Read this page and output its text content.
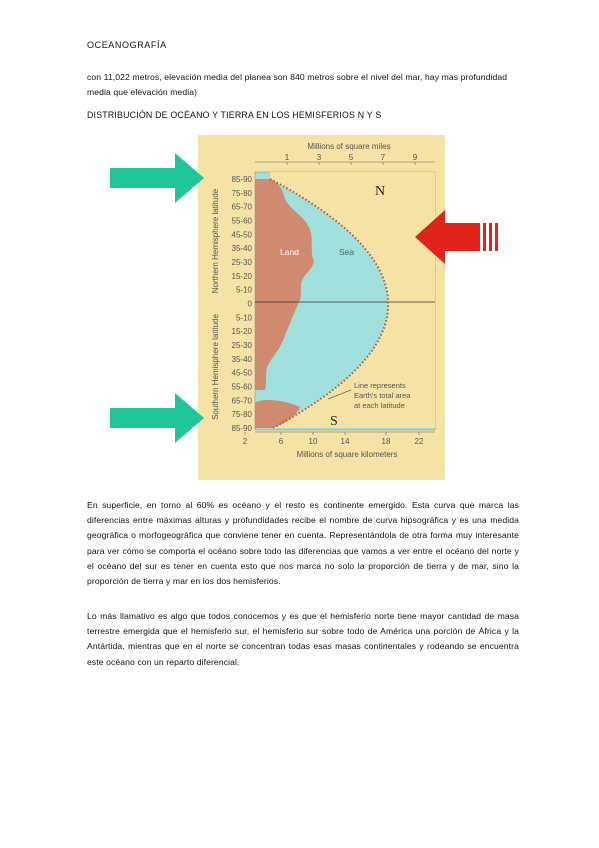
OCEANOGRAFÍA
con 11,022 metros, elevación media del planea son 840 metros sobre el nivel del mar, hay mas profundidad media que elevación media)
DISTRIBUCIÓN DE OCÉANO Y TIERRA EN LOS HEMISFERIOS N Y S
Millions of square miles
1	3	5	7	9
Land	Sea
N
S
Line represents
Earth's total area
at each latitude
85-90
75-80
65-70
55-60
45-50
35-40
25-30
15-20
5-10
0
5-10
15-20
25-30
35-40
45-50
55-60
65-70
75-80
85-90
Northern Hemisphere latitude
Southern Hemisphere latitude
2	6	10	14	18	22
Millions of square kilometers
En superficie, en torno al 60% es océano y el resto es continente emergido. Esta curva que marca las diferencias entre máximas alturas y profundidades recibe el nombre de curva hipsográfica y es una medida geográfica o morfogeográfica que conviene tener en cuenta. Representándola de otra forma muy interesante para ver cómo se comporta el océano sobre todo las diferencias que vamos a ver entre el océano del norte y el océano del sur es tener en cuenta esto que nos marca no solo la proporción de tierra y de mar, sino la proporción de tierra y mar en los dos hemisferios.
Lo más llamativo es algo que todos conocemos y es que el hemisferio norte tiene mayor cantidad de masa terrestre emergida que el hemisferio sur, el hemisferio sur sobre todo de América una porción de África y la Antártida, mientras que en el norte se concentran todas esas masas continentales y rodeando se encuentra este océano con un reparto diferencial.
